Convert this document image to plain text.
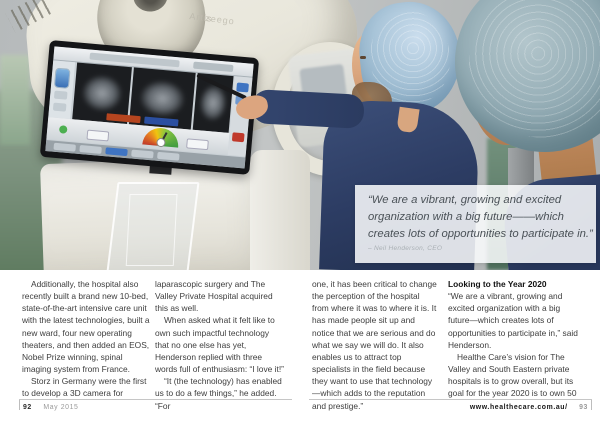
Artis
zeego
“We are a vibrant, growing and excited
organization with a big future——which
creates lots of opportunities to participate in.”
– Neil Henderson, CEO

Additionally, the hospital also recently built a brand new 10-bed, state-of-the-art intensive care unit with the latest technologies, built a new ward, four new operating theaters, and then added an EOS, Nobel Prize winning, spinal imaging system from France.

Storz in Germany were the first to develop a 3D camera for

laparascopic surgery and The Valley Private Hospital acquired this as well.

When asked what it felt like to own such impactful technology that no one else has yet, Henderson replied with three words full of enthusiasm: “I love it!”

“It (the technology) has enabled us to do a few things,” he added. “For

one, it has been critical to change the perception of the hospital from where it was to where it is. It has made people sit up and notice that we are serious and do what we say we will do. It also enables us to attract top specialists in the field because they want to use that technology—which adds to the reputation and prestige.”

Looking to the Year 2020

“We are a vibrant, growing and excited organization with a big future—which creates lots of opportunities to participate in,” said Henderson.

Healthe Care’s vision for The Valley and South Eastern private hospitals is to grow overall, but its goal for the year 2020 is to own 50

92 May 2015	www.healthecare.com.au/ 93
